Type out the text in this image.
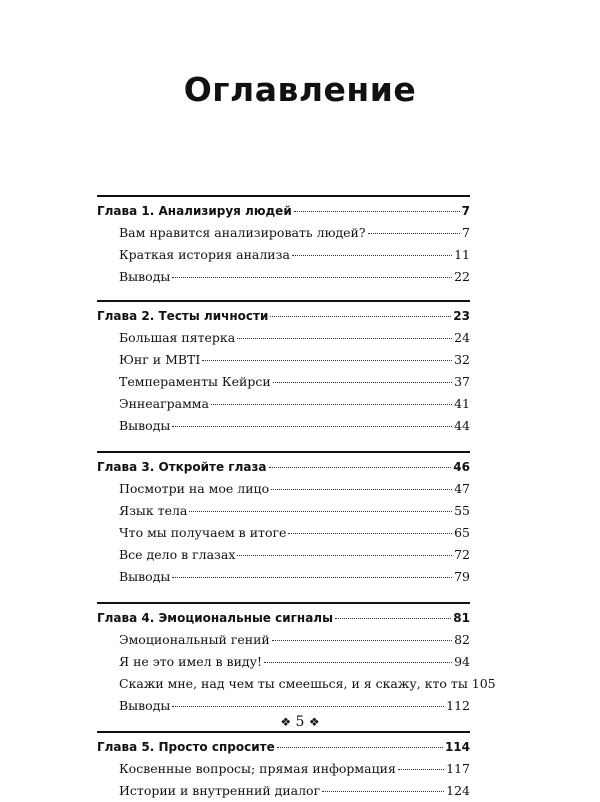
Оглавление
Глава 1. Анализируя людей	7
Вам нравится анализировать людей?	7
Краткая история анализа	11
Выводы	22
Глава 2. Тесты личности	23
Большая пятерка	24
Юнг и MBTI	32
Темпераменты Кейрси	37
Эннеаграмма	41
Выводы	44
Глава 3. Откройте глаза	46
Посмотри на мое лицо	47
Язык тела	55
Что мы получаем в итоге	65
Все дело в глазах	72
Выводы	79
Глава 4. Эмоциональные сигналы	81
Эмоциональный гений	82
Я не это имел в виду!	94
Скажи мне, над чем ты смеешься, и я скажу, кто ты 105
Выводы	112
Глава 5. Просто спросите	114
Косвенные вопросы; прямая информация	117
Истории и внутренний диалог	124
❖ 5 ❖
